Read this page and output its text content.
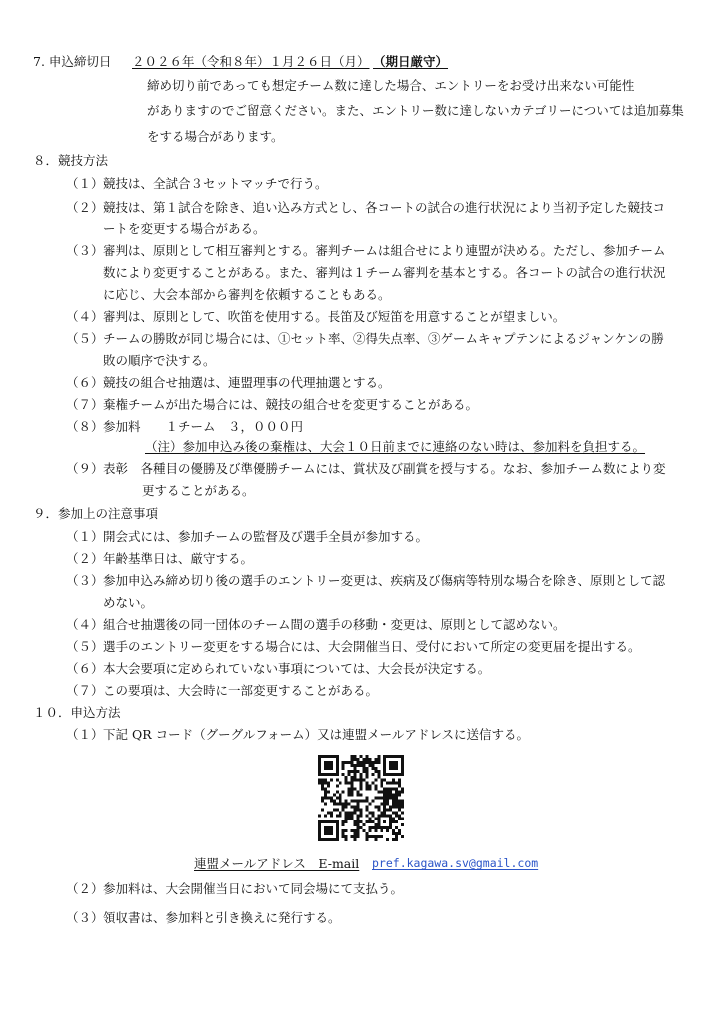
7. 申込締切日 ２０２６年（令和８年）１月２６日（月） （期日厳守）
締め切り前であっても想定チーム数に達した場合、エントリーをお受け出来ない可能性
がありますのでご留意ください。また、エントリー数に達しないカテゴリーについては追加募集
をする場合があります。
８．競技方法
（１） 競技は、全試合３セットマッチで行う。
（２） 競技は、第１試合を除き、追い込み方式とし、各コートの試合の進行状況により当初予定した競技コ
ートを変更する場合がある。
（３） 審判は、原則として相互審判とする。審判チームは組合せにより連盟が決める。ただし、参加チーム
数により変更することがある。また、審判は１チーム審判を基本とする。各コートの試合の進行状況
に応じ、大会本部から審判を依頼することもある。
（４） 審判は、原則として、吹笛を使用する。長笛及び短笛を用意することが望ましい。
（５） チームの勝敗が同じ場合には、①セット率、②得失点率、③ゲームキャプテンによるジャンケンの勝
敗の順序で決する。
（６） 競技の組合せ抽選は、連盟理事の代理抽選とする。
（７） 棄権チームが出た場合には、競技の組合せを変更することがある。
（８） 参加料　　１チーム　３，０００円
（注）参加申込み後の棄権は、大会１０日前までに連絡のない時は、参加料を負担する。
（９） 表彰　各種目の優勝及び準優勝チームには、賞状及び副賞を授与する。なお、参加チーム数により変
更することがある。
９．参加上の注意事項
（１） 開会式には、参加チームの監督及び選手全員が参加する。
（２） 年齢基準日は、厳守する。
（３） 参加申込み締め切り後の選手のエントリー変更は、疾病及び傷病等特別な場合を除き、原則として認
めない。
（４） 組合せ抽選後の同一団体のチーム間の選手の移動・変更は、原則として認めない。
（５） 選手のエントリー変更をする場合には、大会開催当日、受付において所定の変更届を提出する。
（６） 本大会要項に定められていない事項については、大会長が決定する。
（７） この要項は、大会時に一部変更することがある。
１０．申込方法
（１） 下記 QR コード（グーグルフォーム）又は連盟メールアドレスに送信する。
連盟メールアドレス　E-mail pref.kagawa.sv@gmail.com
（２） 参加料は、大会開催当日において同会場にて支払う。
（３） 領収書は、参加料と引き換えに発行する。
